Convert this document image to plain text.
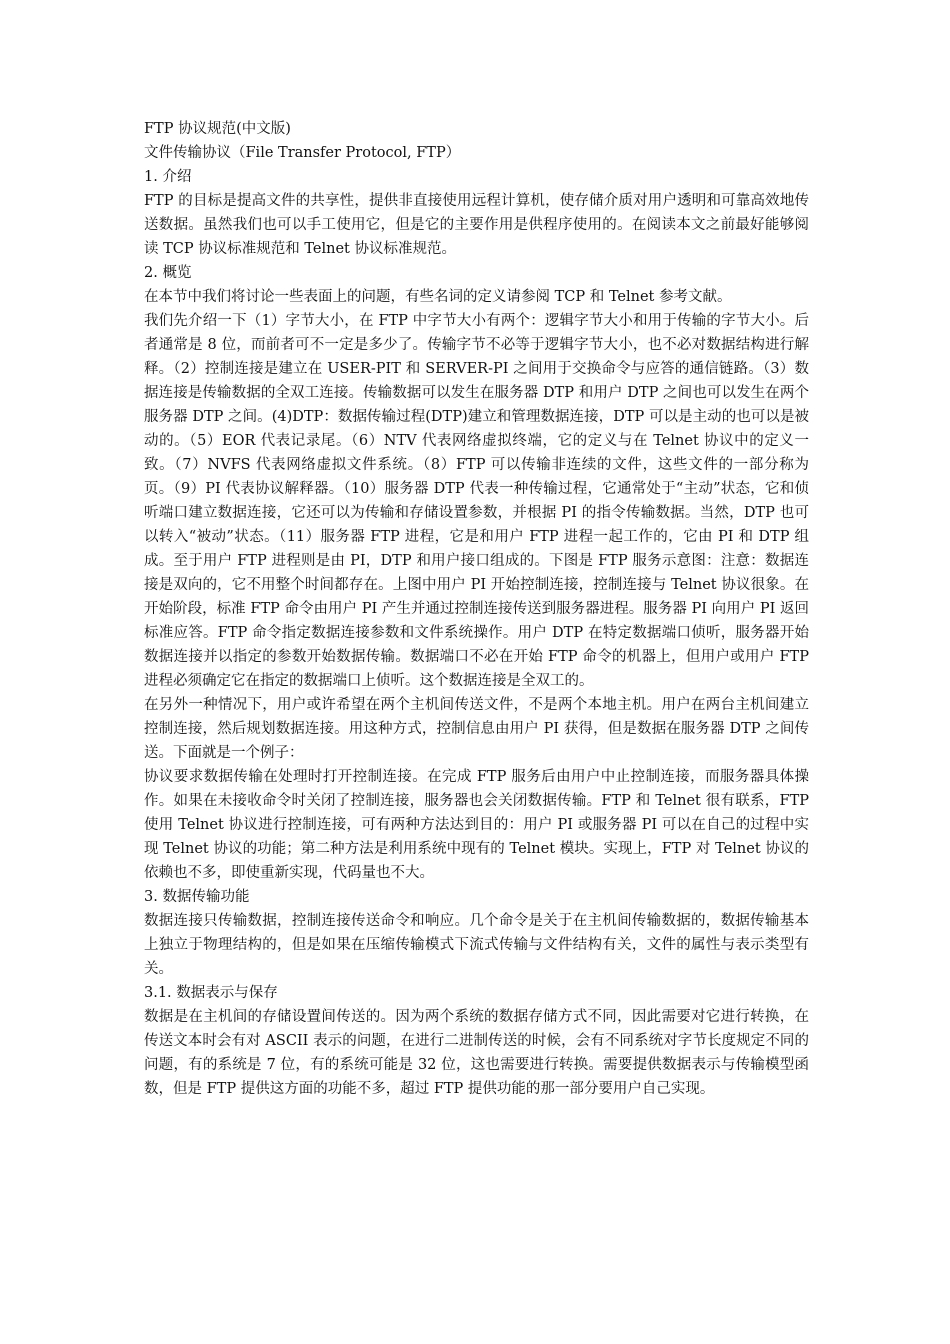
FTP 协议规范(中文版)

文件传输协议（File Transfer Protocol, FTP）

1. 介绍

FTP 的目标是提高文件的共享性，提供非直接使用远程计算机，使存储介质对用户透明和可靠高效地传送数据。虽然我们也可以手工使用它，但是它的主要作用是供程序使用的。在阅读本文之前最好能够阅读 TCP 协议标准规范和 Telnet 协议标准规范。

2. 概览

在本节中我们将讨论一些表面上的问题，有些名词的定义请参阅 TCP 和 Telnet 参考文献。

我们先介绍一下（1）字节大小，在 FTP 中字节大小有两个：逻辑字节大小和用于传输的字节大小。后者通常是 8 位，而前者可不一定是多少了。传输字节不必等于逻辑字节大小，也不必对数据结构进行解释。（2）控制连接是建立在 USER-PIT 和 SERVER-PI 之间用于交换命令与应答的通信链路。（3）数据连接是传输数据的全双工连接。传输数据可以发生在服务器 DTP 和用户 DTP 之间也可以发生在两个服务器 DTP 之间。(4)DTP：数据传输过程(DTP)建立和管理数据连接，DTP 可以是主动的也可以是被动的。（5）EOR 代表记录尾。（6）NTV 代表网络虚拟终端，它的定义与在 Telnet 协议中的定义一致。（7）NVFS 代表网络虚拟文件系统。（8）FTP 可以传输非连续的文件，这些文件的一部分称为页。（9）PI 代表协议解释器。（10）服务器 DTP 代表一种传输过程，它通常处于“主动”状态，它和侦听端口建立数据连接，它还可以为传输和存储设置参数，并根据 PI 的指令传输数据。当然，DTP 也可以转入“被动”状态。（11）服务器 FTP 进程，它是和用户 FTP 进程一起工作的，它由 PI 和 DTP 组成。至于用户 FTP 进程则是由 PI，DTP 和用户接口组成的。下图是 FTP 服务示意图：注意：数据连接是双向的，它不用整个时间都存在。上图中用户 PI 开始控制连接，控制连接与 Telnet 协议很象。在开始阶段，标准 FTP 命令由用户 PI 产生并通过控制连接传送到服务器进程。服务器 PI 向用户 PI 返回标准应答。FTP 命令指定数据连接参数和文件系统操作。用户 DTP 在特定数据端口侦听，服务器开始数据连接并以指定的参数开始数据传输。数据端口不必在开始 FTP 命令的机器上，但用户或用户 FTP 进程必须确定它在指定的数据端口上侦听。这个数据连接是全双工的。

在另外一种情况下，用户或许希望在两个主机间传送文件，不是两个本地主机。用户在两台主机间建立控制连接，然后规划数据连接。用这种方式，控制信息由用户 PI 获得，但是数据在服务器 DTP 之间传送。下面就是一个例子：

协议要求数据传输在处理时打开控制连接。在完成 FTP 服务后由用户中止控制连接，而服务器具体操作。如果在未接收命令时关闭了控制连接，服务器也会关闭数据传输。FTP 和 Telnet 很有联系，FTP 使用 Telnet 协议进行控制连接，可有两种方法达到目的：用户 PI 或服务器 PI 可以在自己的过程中实现 Telnet 协议的功能；第二种方法是利用系统中现有的 Telnet 模块。实现上，FTP 对 Telnet 协议的依赖也不多，即使重新实现，代码量也不大。

3. 数据传输功能

数据连接只传输数据，控制连接传送命令和响应。几个命令是关于在主机间传输数据的，数据传输基本上独立于物理结构的，但是如果在压缩传输模式下流式传输与文件结构有关，文件的属性与表示类型有关。

3.1. 数据表示与保存

数据是在主机间的存储设置间传送的。因为两个系统的数据存储方式不同，因此需要对它进行转换，在传送文本时会有对 ASCII 表示的问题，在进行二进制传送的时候，会有不同系统对字节长度规定不同的问题，有的系统是 7 位，有的系统可能是 32 位，这也需要进行转换。需要提供数据表示与传输模型函数，但是 FTP 提供这方面的功能不多，超过 FTP 提供功能的那一部分要用户自己实现。
